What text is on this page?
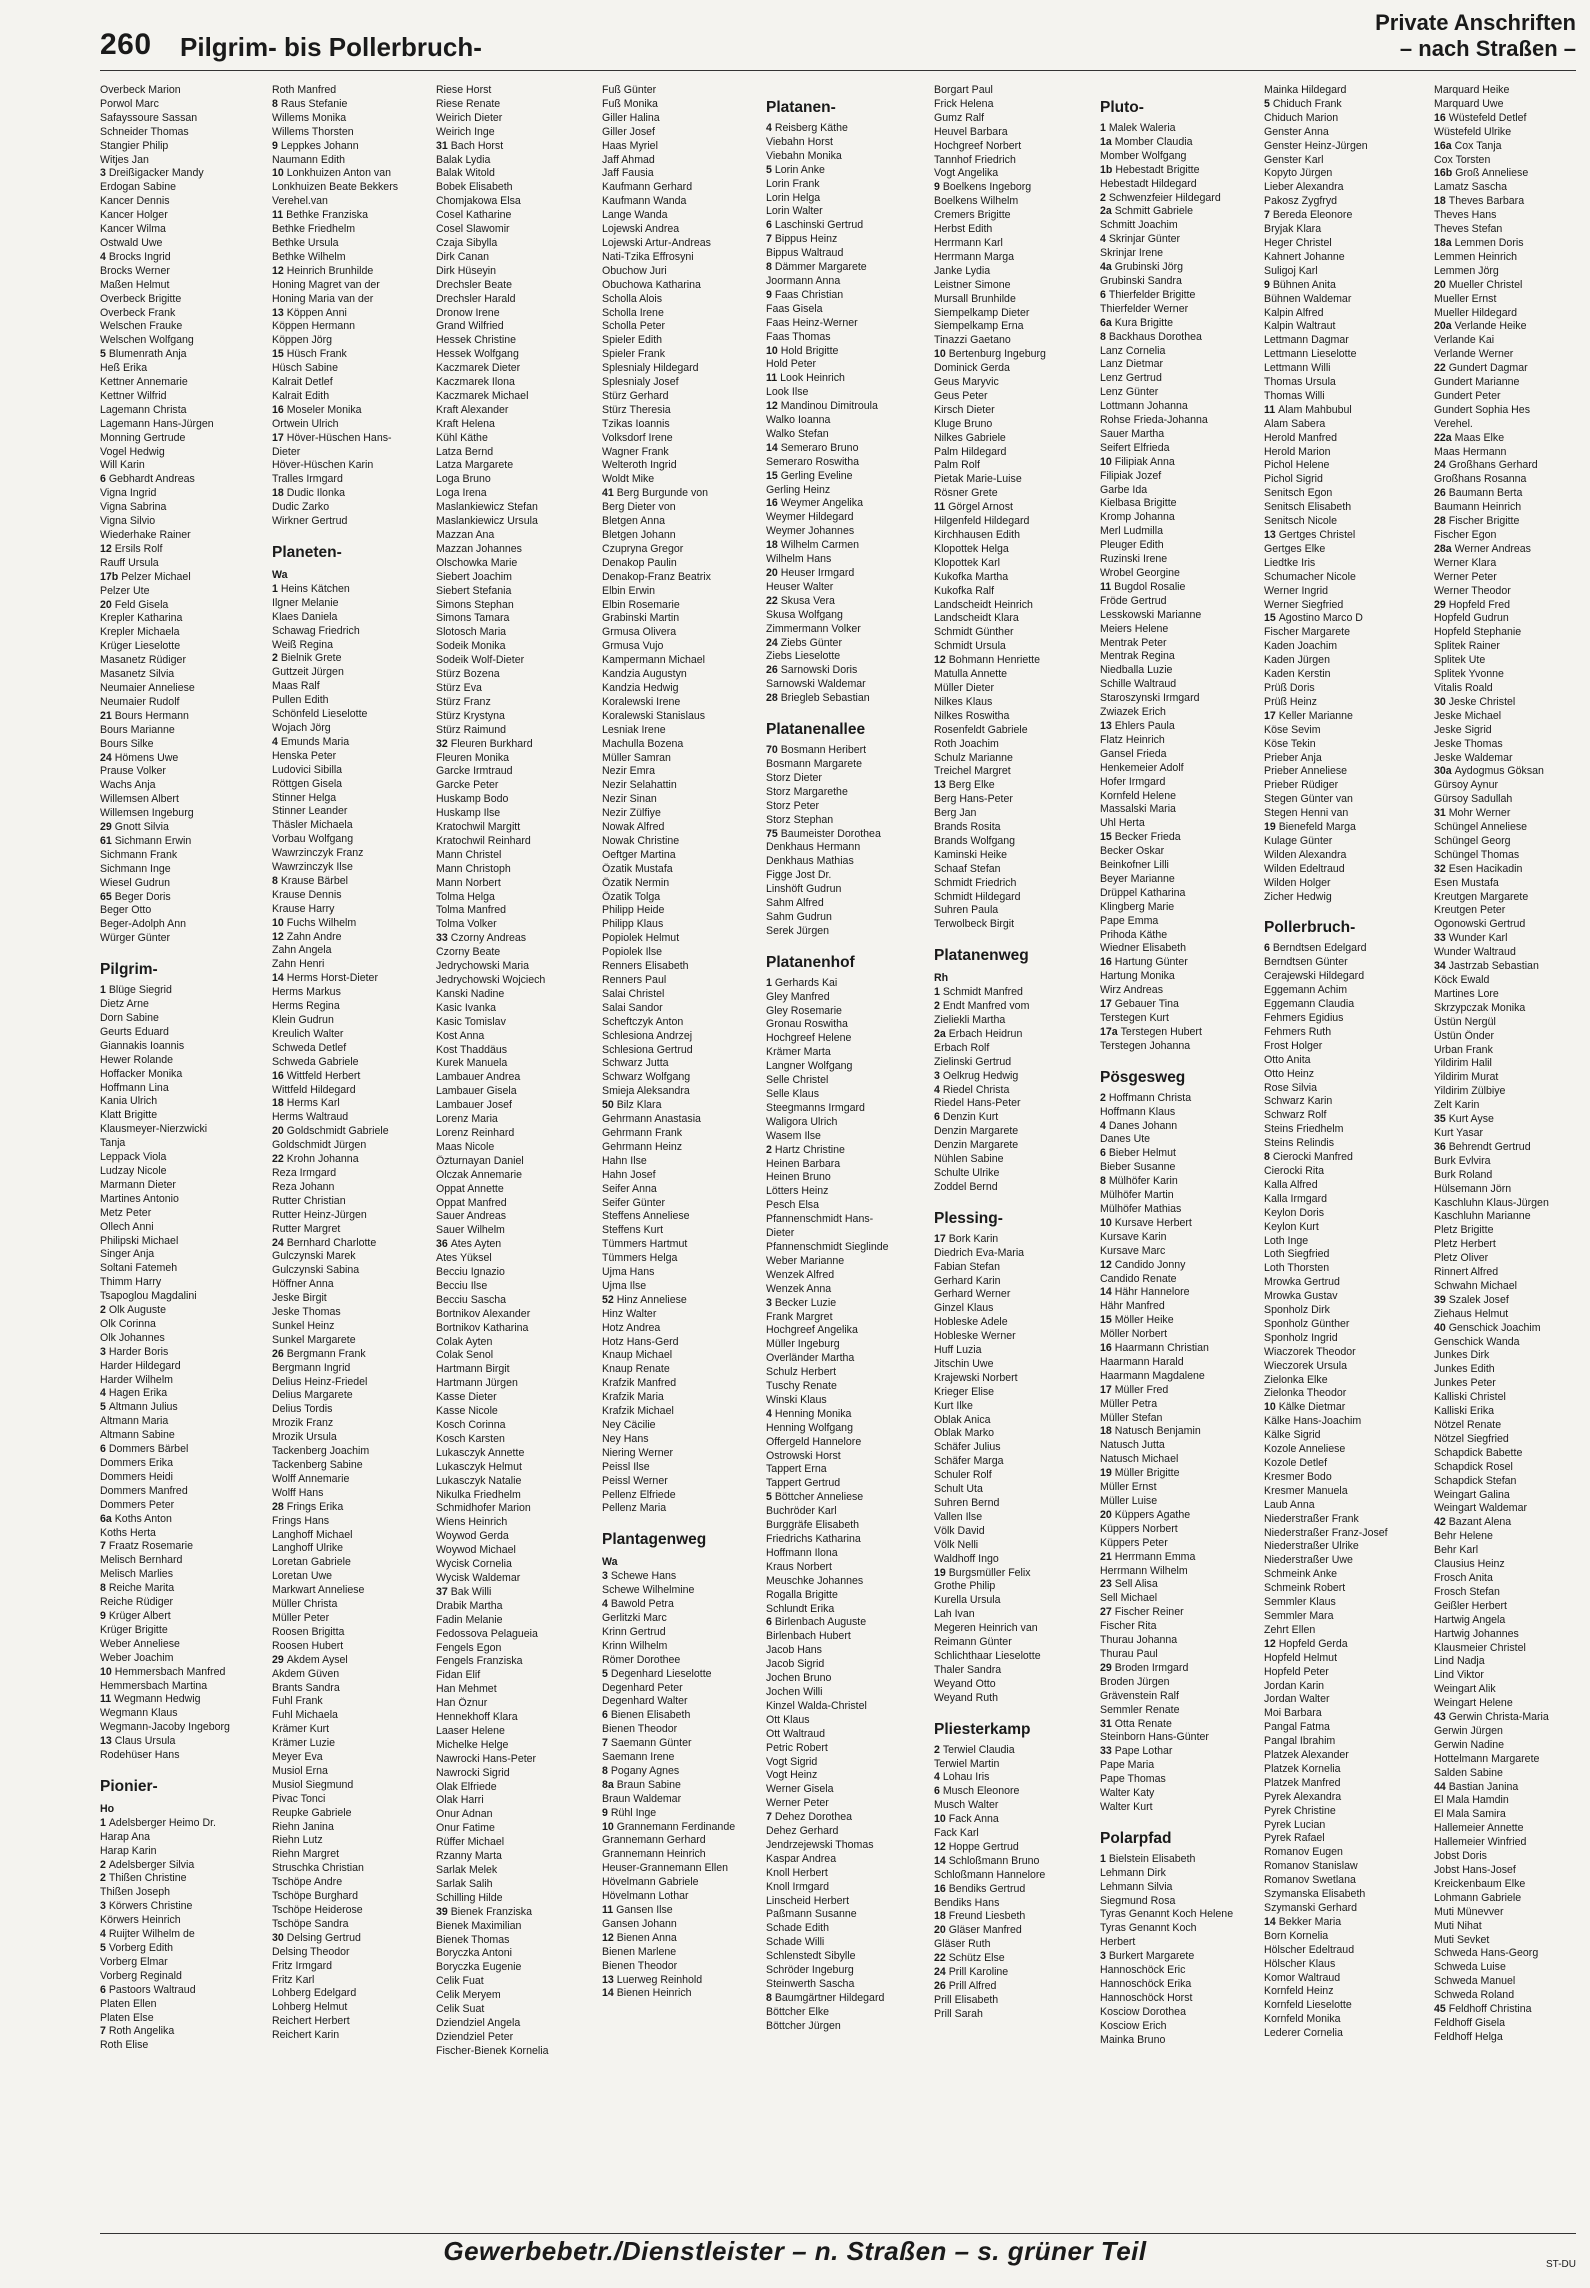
260 Pilgrim- bis Pollerbruch-
Private Anschriften
– nach Straßen –
Overbeck Marion
Porwol Marc
Safayssoure Sassan
Schneider Thomas
Stangier Philip
Witjes Jan
3 Dreißigacker Mandy
Erdogan Sabine
Kancer Dennis
Kancer Holger
Kancer Wilma
Ostwald Uwe
4 Brocks Ingrid
Brocks Werner
Maßen Helmut
Overbeck Brigitte
Overbeck Frank
Welschen Frauke
Welschen Wolfgang
5 Blumenrath Anja
Heß Erika
Kettner Annemarie
Kettner Wilfrid
Lagemann Christa
Lagemann Hans-Jürgen
Monning Gertrude
Vogel Hedwig
Will Karin
6 Gebhardt Andreas
Vigna Ingrid
Vigna Sabrina
Vigna Silvio
Wiederhake Rainer
12 Ersils Rolf
Rauff Ursula
17b Pelzer Michael
Pelzer Ute
20 Feld Gisela
Krepler Katharina
Krepler Michaela
Krüger Lieselotte
Masanetz Rüdiger
Masanetz Silvia
Neumaier Anneliese
Neumaier Rudolf
21 Bours Hermann
Bours Marianne
Bours Silke
24 Hömens Uwe
Prause Volker
Wachs Anja
Willemsen Albert
Willemsen Ingeburg
29 Gnott Silvia
61 Sichmann Erwin
Sichmann Frank
Sichmann Inge
Wiesel Gudrun
65 Beger Doris
Beger Otto
Beger-Adolph Ann
Würger Günter
Pilgrim-
1 Blüge Siegrid
Dietz Arne
Dorn Sabine
Geurts Eduard
Giannakis Ioannis
Hewer Rolande
Hoffacker Monika
Hoffmann Lina
Kania Ulrich
Klatt Brigitte
Klausmeyer-Nierzwicki
Tanja
Leppack Viola
Ludzay Nicole
Marmann Dieter
Martines Antonio
Metz Peter
Ollech Anni
Philipski Michael
Singer Anja
Soltani Fatemeh
Thimm Harry
Tsapoglou Magdalini
2 Olk Auguste
Olk Corinna
Olk Johannes
3 Harder Boris
Harder Hildegard
Harder Wilhelm
4 Hagen Erika
5 Altmann Julius
Altmann Maria
Altmann Sabine
6 Dommers Bärbel
Dommers Erika
Dommers Heidi
Dommers Manfred
Dommers Peter
6a Koths Anton
Koths Herta
7 Fraatz Rosemarie
Melisch Bernhard
Melisch Marlies
8 Reiche Marita
Reiche Rüdiger
9 Krüger Albert
Krüger Brigitte
Weber Anneliese
Weber Joachim
10 Hemmersbach Manfred
Hemmersbach Martina
11 Wegmann Hedwig
Wegmann Klaus
Wegmann-Jacoby Ingeborg
13 Claus Ursula
Rodehüser Hans
Pionier-
Ho
1 Adelsberger Heimo Dr.
Harap Ana
Harap Karin
2 Adelsberger Silvia
2 Thißen Christine
Thißen Joseph
3 Körwers Christine
Körwers Heinrich
4 Ruijter Wilhelm de
5 Vorberg Edith
Vorberg Elmar
Vorberg Reginald
6 Pastoors Waltraud
Platen Ellen
Platen Else
7 Roth Angelika
Roth Elise
Roth Manfred
8 Raus Stefanie
Willems Monika
Willems Thorsten
9 Leppkes Johann
Naumann Edith
10 Lonkhuizen Anton van
Lonkhuizen Beate Bekkers
Verehel.van
11 Bethke Franziska
Bethke Friedhelm
Bethke Ursula
Bethke Wilhelm
12 Heinrich Brunhilde
Honing Magret van der
Honing Maria van der
13 Köppen Anni
Köppen Hermann
Köppen Jörg
15 Hüsch Frank
Hüsch Sabine
Kalrait Detlef
Kalrait Edith
16 Moseler Monika
Ortwein Ulrich
17 Höver-Hüschen Hans-
Dieter
Höver-Hüschen Karin
Tralles Irmgard
18 Dudic Ilonka
Dudic Zarko
Wirkner Gertrud
Planeten-
Wa
1 Heins Kätchen
Ilgner Melanie
Klaes Daniela
Schawag Friedrich
Weiß Regina
2 Bielnik Grete
Guttzeit Jürgen
Maas Ralf
Pullen Edith
Schönfeld Lieselotte
Wojach Jörg
4 Emunds Maria
Henska Peter
Ludovici Sibilla
Röttgen Gisela
Stinner Helga
Stinner Leander
Thäsler Michaela
Vorbau Wolfgang
Wawrzinczyk Franz
Wawrzinczyk Ilse
8 Krause Bärbel
Krause Dennis
Krause Harry
10 Fuchs Wilhelm
12 Zahn Andre
Zahn Angela
Zahn Henri
14 Herms Horst-Dieter
Herms Markus
Herms Regina
Klein Gudrun
Kreulich Walter
Schweda Detlef
Schweda Gabriele
16 Wittfeld Herbert
Wittfeld Hildegard
18 Herms Karl
Herms Waltraud
20 Goldschmidt Gabriele
Goldschmidt Jürgen
22 Krohn Johanna
Reza Irmgard
Reza Johann
Rutter Christian
Rutter Heinz-Jürgen
Rutter Margret
24 Bernhard Charlotte
Gulczynski Marek
Gulczynski Sabina
Höffner Anna
Jeske Birgit
Jeske Thomas
Sunkel Heinz
Sunkel Margarete
26 Bergmann Frank
Bergmann Ingrid
Delius Heinz-Friedel
Delius Margarete
Delius Tordis
Mrozik Franz
Mrozik Ursula
Tackenberg Joachim
Tackenberg Sabine
Wolff Annemarie
Wolff Hans
28 Frings Erika
Frings Hans
Langhoff Michael
Langhoff Ulrike
Loretan Gabriele
Loretan Uwe
Markwart Anneliese
Müller Christa
Müller Peter
Roosen Brigitta
Roosen Hubert
29 Akdem Aysel
Akdem Güven
Brants Sandra
Fuhl Frank
Fuhl Michaela
Krämer Kurt
Krämer Luzie
Meyer Eva
Musiol Erna
Musiol Siegmund
Pivac Tonci
Reupke Gabriele
Riehn Janina
Riehn Lutz
Riehn Margret
Struschka Christian
Tschöpe Andre
Tschöpe Burghard
Tschöpe Heiderose
Tschöpe Sandra
30 Delsing Gertrud
Delsing Theodor
Fritz Irmgard
Fritz Karl
Lohberg Edelgard
Lohberg Helmut
Reichert Herbert
Reichert Karin
Riese Horst
Riese Renate
Weirich Dieter
Weirich Inge
31 Bach Horst
Balak Lydia
Balak Witold
Bobek Elisabeth
Chomjakowa Elsa
Cosel Katharine
Cosel Slawomir
Czaja Sibylla
Dirk Canan
Dirk Hüseyin
Drechsler Beate
Drechsler Harald
Dronow Irene
Grand Wilfried
Hessek Christine
Hessek Wolfgang
Kaczmarek Dieter
Kaczmarek Ilona
Kaczmarek Michael
Kraft Alexander
Kraft Helena
Kühl Käthe
Latza Bernd
Latza Margarete
Loga Bruno
Loga Irena
Maslankiewicz Stefan
Maslankiewicz Ursula
Mazzan Ana
Mazzan Johannes
Olschowka Marie
Siebert Joachim
Siebert Stefania
Simons Stephan
Simons Tamara
Slotosch Maria
Sodeik Monika
Sodeik Wolf-Dieter
Stürz Bozena
Stürz Eva
Stürz Franz
Stürz Krystyna
Stürz Raimund
32 Fleuren Burkhard
Fleuren Monika
Garcke Irmtraud
Garcke Peter
Huskamp Bodo
Huskamp Ilse
Kratochwil Margitt
Kratochwil Reinhard
Mann Christel
Mann Christoph
Mann Norbert
Tolma Helga
Tolma Manfred
Tolma Volker
33 Czorny Andreas
Czorny Beate
Jedrychowski Maria
Jedrychowski Wojciech
Kanski Nadine
Kasic Ivanka
Kasic Tomislav
Kost Anna
Kost Thaddäus
Kurek Manuela
Lambauer Andrea
Lambauer Gisela
Lambauer Josef
Lorenz Maria
Lorenz Reinhard
Maas Nicole
Özturnayan Daniel
Olczak Annemarie
Oppat Annette
Oppat Manfred
Sauer Andreas
Sauer Wilhelm
36 Ates Ayten
Ates Yüksel
Becciu Ignazio
Becciu Ilse
Becciu Sascha
Bortnikov Alexander
Bortnikov Katharina
Colak Ayten
Colak Senol
Hartmann Birgit
Hartmann Jürgen
Kasse Dieter
Kasse Nicole
Kosch Corinna
Kosch Karsten
Lukasczyk Annette
Lukasczyk Helmut
Lukasczyk Natalie
Nikulka Friedhelm
Schmidhofer Marion
Wiens Heinrich
Woywod Gerda
Woywod Michael
Wycisk Cornelia
Wycisk Waldemar
37 Bak Willi
Drabik Martha
Fadin Melanie
Fedossova Pelagueia
Fengels Egon
Fengels Franziska
Fidan Elif
Han Mehmet
Han Öznur
Hennekhoff Klara
Laaser Helene
Michelke Helge
Nawrocki Hans-Peter
Nawrocki Sigrid
Olak Elfriede
Olak Harri
Onur Adnan
Onur Fatime
Rüffer Michael
Rzanny Marta
Sarlak Melek
Sarlak Salih
Schilling Hilde
39 Bienek Franziska
Bienek Maximilian
Bienek Thomas
Boryczka Antoni
Boryczka Eugenie
Celik Fuat
Celik Meryem
Celik Suat
Dziendziel Angela
Dziendziel Peter
Fischer-Bienek Kornelia
Fuß Günter
Fuß Monika
Giller Halina
Giller Josef
Haas Myriel
Jaff Ahmad
Jaff Fausia
Kaufmann Gerhard
Kaufmann Wanda
Lange Wanda
Lojewski Andrea
Lojewski Artur-Andreas
Nati-Tzika Effrosyni
Obuchow Juri
Obuchowa Katharina
Scholla Alois
Scholla Irene
Scholla Peter
Spieler Edith
Spieler Frank
Splesnialy Hildegard
Splesnialy Josef
Stürz Gerhard
Stürz Theresia
Tzikas Ioannis
Volksdorf Irene
Wagner Frank
Welteroth Ingrid
Woldt Mike
41 Berg Burgunde von
Berg Dieter von
Bletgen Anna
Bletgen Johann
Czupryna Gregor
Denakop Paulin
Denakop-Franz Beatrix
Elbin Erwin
Elbin Rosemarie
Grabinski Martin
Grmusa Olivera
Grmusa Vujo
Kampermann Michael
Kandzia Augustyn
Kandzia Hedwig
Koralewski Irene
Koralewski Stanislaus
Lesniak Irene
Machulla Bozena
Müller Samran
Nezir Emra
Nezir Selahattin
Nezir Sinan
Nezir Zülfiye
Nowak Alfred
Nowak Christine
Oeftger Martina
Özatik Mustafa
Özatik Nermin
Özatik Tolga
Philipp Heide
Philipp Klaus
Popiolek Helmut
Popiolek Ilse
Renners Elisabeth
Renners Paul
Salai Christel
Salai Sandor
Scheftczyk Anton
Schlesiona Andrzej
Schlesiona Gertrud
Schwarz Jutta
Schwarz Wolfgang
Smieja Aleksandra
50 Bilz Klara
Gehrmann Anastasia
Gehrmann Frank
Gehrmann Heinz
Hahn Ilse
Hahn Josef
Seifer Anna
Seifer Günter
Steffens Anneliese
Steffens Kurt
Tümmers Hartmut
Tümmers Helga
Ujma Hans
Ujma Ilse
52 Hinz Anneliese
Hinz Walter
Hotz Andrea
Hotz Hans-Gerd
Knaup Michael
Knaup Renate
Krafzik Manfred
Krafzik Maria
Krafzik Michael
Ney Cäcilie
Ney Hans
Niering Werner
Peissl Ilse
Peissl Werner
Pellenz Elfriede
Pellenz Maria
Plantagenweg
Wa
3 Schewe Hans
Schewe Wilhelmine
4 Bawold Petra
Gerlitzki Marc
Krinn Gertrud
Krinn Wilhelm
Römer Dorothee
5 Degenhard Lieselotte
Degenhard Peter
Degenhard Walter
6 Bienen Elisabeth
Bienen Theodor
7 Saemann Günter
Saemann Irene
8 Pogany Agnes
8a Braun Sabine
Braun Waldemar
9 Rühl Inge
10 Grannemann Ferdinande
Grannemann Gerhard
Grannemann Heinrich
Heuser-Grannemann Ellen
Hövelmann Gabriele
Hövelmann Lothar
11 Gansen Ilse
Gansen Johann
12 Bienen Anna
Bienen Marlene
Bienen Theodor
13 Luerweg Reinhold
14 Bienen Heinrich
Platanen-
4 Reisberg Käthe
Viebahn Horst
Viebahn Monika
5 Lorin Anke
Lorin Frank
Lorin Helga
Lorin Walter
6 Laschinski Gertrud
7 Bippus Heinz
Bippus Waltraud
8 Dämmer Margarete
Joormann Anna
9 Faas Christian
Faas Gisela
Faas Heinz-Werner
Faas Thomas
10 Hold Brigitte
Hold Peter
11 Look Heinrich
Look Ilse
12 Mandinou Dimitroula
Walko Ioanna
Walko Stefan
14 Semeraro Bruno
Semeraro Roswitha
15 Gerling Eveline
Gerling Heinz
16 Weymer Angelika
Weymer Hildegard
Weymer Johannes
18 Wilhelm Carmen
Wilhelm Hans
20 Heuser Irmgard
Heuser Walter
22 Skusa Vera
Skusa Wolfgang
Zimmermann Volker
24 Ziebs Günter
Ziebs Lieselotte
26 Sarnowski Doris
Sarnowski Waldemar
28 Briegleb Sebastian
Platanenallee
70 Bosmann Heribert
Bosmann Margarete
Storz Dieter
Storz Margarethe
Storz Peter
Storz Stephan
75 Baumeister Dorothea
Denkhaus Hermann
Denkhaus Mathias
Figge Jost Dr.
Linshöft Gudrun
Sahm Alfred
Sahm Gudrun
Serek Jürgen
Platanenhof
1 Gerhards Kai
Gley Manfred
Gley Rosemarie
Gronau Roswitha
Hochgreef Helene
Krämer Marta
Langner Wolfgang
Selle Christel
Selle Klaus
Steegmanns Irmgard
Waligora Ulrich
Wasem Ilse
2 Hartz Christine
Heinen Barbara
Heinen Bruno
Lötters Heinz
Pesch Elsa
Pfannenschmidt Hans-
Dieter
Pfannenschmidt Sieglinde
Weber Marianne
Wenzek Alfred
Wenzek Anna
3 Becker Luzie
Frank Margret
Hochgreef Angelika
Müller Ingeburg
Overländer Martha
Schulz Herbert
Tuschy Renate
Winski Klaus
4 Henning Monika
Henning Wolfgang
Offergeld Hannelore
Ostrowski Horst
Tappert Erna
Tappert Gertrud
5 Böttcher Anneliese
Buchröder Karl
Burggräfe Elisabeth
Friedrichs Katharina
Hoffmann Ilona
Kraus Norbert
Meuschke Johannes
Rogalla Brigitte
Schlundt Erika
6 Birlenbach Auguste
Birlenbach Hubert
Jacob Hans
Jacob Sigrid
Jochen Bruno
Jochen Willi
Kinzel Walda-Christel
Ott Klaus
Ott Waltraud
Petric Robert
Vogt Sigrid
Vogt Heinz
Werner Gisela
Werner Peter
7 Dehez Dorothea
Dehez Gerhard
Jendrzejewski Thomas
Kaspar Andrea
Knoll Herbert
Knoll Irmgard
Linscheid Herbert
Paßmann Susanne
Schade Edith
Schade Willi
Schlenstedt Sibylle
Schröder Ingeburg
Steinwerth Sascha
8 Baumgärtner Hildegard
Böttcher Elke
Böttcher Jürgen
Borgart Paul
Frick Helena
Gumz Ralf
Heuvel Barbara
Hochgreef Norbert
Tannhof Friedrich
Vogt Angelika
9 Boelkens Ingeborg
Boelkens Wilhelm
Cremers Brigitte
Herbst Edith
Herrmann Karl
Herrmann Marga
Janke Lydia
Leistner Simone
Mursall Brunhilde
Siempelkamp Dieter
Siempelkamp Erna
Tinazzi Gaetano
10 Bertenburg Ingeburg
Dominick Gerda
Geus Maryvic
Geus Peter
Kirsch Dieter
Kluge Bruno
Nilkes Gabriele
Palm Hildegard
Palm Rolf
Pietak Marie-Luise
Rösner Grete
11 Görgel Arnost
Hilgenfeld Hildegard
Kirchhausen Edith
Klopottek Helga
Klopottek Karl
Kukofka Martha
Kukofka Ralf
Landscheidt Heinrich
Landscheidt Klara
Schmidt Günther
Schmidt Ursula
12 Bohmann Henriette
Matulla Annette
Müller Dieter
Nilkes Klaus
Nilkes Roswitha
Rosenfeldt Gabriele
Roth Joachim
Schulz Marianne
Treichel Margret
13 Berg Elke
Berg Hans-Peter
Berg Jan
Brands Rosita
Brands Wolfgang
Kaminski Heike
Schaaf Stefan
Schmidt Friedrich
Schmidt Hildegard
Suhren Paula
Terwolbeck Birgit
Platanenweg
Rh
1 Schmidt Manfred
2 Endt Manfred vom
Zieliekli Martha
2a Erbach Heidrun
Erbach Rolf
Zielinski Gertrud
3 Oelkrug Hedwig
4 Riedel Christa
Riedel Hans-Peter
6 Denzin Kurt
Denzin Margarete
Denzin Margarete
Nühlen Sabine
Schulte Ulrike
Zoddel Bernd
Plessing-
17 Bork Karin
Diedrich Eva-Maria
Fabian Stefan
Gerhard Karin
Gerhard Werner
Ginzel Klaus
Hobleske Adele
Hobleske Werner
Huff Luzia
Jitschin Uwe
Krajewski Norbert
Krieger Elise
Kurt Ilke
Oblak Anica
Oblak Marko
Schäfer Julius
Schäfer Marga
Schuler Rolf
Schult Uta
Suhren Bernd
Vallen Ilse
Völk David
Völk Nelli
Waldhoff Ingo
19 Burgsmüller Felix
Grothe Philip
Kurella Ursula
Lah Ivan
Megeren Heinrich van
Reimann Günter
Schlichthaar Lieselotte
Thaler Sandra
Weyand Otto
Weyand Ruth
Pliesterkamp
2 Terwiel Claudia
Terwiel Martin
4 Lohau Iris
6 Musch Eleonore
Musch Walter
10 Fack Anna
Fack Karl
12 Hoppe Gertrud
14 Schloßmann Bruno
Schloßmann Hannelore
16 Bendiks Gertrud
Bendiks Hans
18 Freund Liesbeth
20 Gläser Manfred
Gläser Ruth
22 Schütz Else
24 Prill Karoline
26 Prill Alfred
Prill Elisabeth
Prill Sarah
Pluto-
1 Malek Waleria
1a Momber Claudia
Momber Wolfgang
1b Hebestadt Brigitte
Hebestadt Hildegard
2 Schwenzfeier Hildegard
2a Schmitt Gabriele
Schmitt Joachim
4 Skrinjar Günter
Skrinjar Irene
4a Grubinski Jörg
Grubinski Sandra
6 Thierfelder Brigitte
Thierfelder Werner
6a Kura Brigitte
8 Backhaus Dorothea
Lanz Cornelia
Lanz Dietmar
Lenz Gertrud
Lenz Günter
Lottmann Johanna
Rohse Frieda-Johanna
Sauer Martha
Seifert Elfrieda
10 Filipiak Anna
Filipiak Jozef
Garbe Ida
Kielbasa Brigitte
Kromp Johanna
Merl Ludmilla
Pleuger Edith
Ruzinski Irene
Wrobel Georgine
11 Bugdol Rosalie
Fröde Gertrud
Lesskowski Marianne
Meiers Helene
Mentrak Peter
Mentrak Regina
Niedballa Luzie
Schille Waltraud
Staroszynski Irmgard
Zwiazek Erich
13 Ehlers Paula
Flatz Heinrich
Gansel Frieda
Henkemeier Adolf
Hofer Irmgard
Kornfeld Helene
Massalski Maria
Uhl Herta
15 Becker Frieda
Becker Oskar
Beinkofner Lilli
Beyer Marianne
Drüppel Katharina
Klingberg Marie
Pape Emma
Prihoda Käthe
Wiedner Elisabeth
16 Hartung Günter
Hartung Monika
Wirz Andreas
17 Gebauer Tina
Terstegen Kurt
17a Terstegen Hubert
Terstegen Johanna
Pösgesweg
2 Hoffmann Christa
Hoffmann Klaus
4 Danes Johann
Danes Ute
6 Bieber Helmut
Bieber Susanne
8 Mülhöfer Karin
Mülhöfer Martin
Mülhöfer Mathias
10 Kursave Herbert
Kursave Karin
Kursave Marc
12 Candido Jonny
Candido Renate
14 Hähr Hannelore
Hähr Manfred
15 Möller Heike
Möller Norbert
16 Haarmann Christian
Haarmann Harald
Haarmann Magdalene
17 Müller Fred
Müller Petra
Müller Stefan
18 Natusch Benjamin
Natusch Jutta
Natusch Michael
19 Müller Brigitte
Müller Ernst
Müller Luise
20 Küppers Agathe
Küppers Norbert
Küppers Peter
21 Herrmann Emma
Herrmann Wilhelm
23 Sell Alisa
Sell Michael
27 Fischer Reiner
Fischer Rita
Thurau Johanna
Thurau Paul
29 Broden Irmgard
Broden Jürgen
Grävenstein Ralf
Semmler Renate
31 Otta Renate
Steinborn Hans-Günter
33 Pape Lothar
Pape Maria
Pape Thomas
Walter Katy
Walter Kurt
Polarpfad
1 Bielstein Elisabeth
Lehmann Dirk
Lehmann Silvia
Siegmund Rosa
Tyras Genannt Koch Helene
Tyras Genannt Koch
Herbert
3 Burkert Margarete
Hannoschöck Eric
Hannoschöck Erika
Hannoschöck Horst
Kosciow Dorothea
Kosciow Erich
Mainka Bruno
Mainka Hildegard
5 Chiduch Frank
Chiduch Marion
Genster Anna
Genster Heinz-Jürgen
Genster Karl
Kopyto Jürgen
Lieber Alexandra
Pakosz Zygfryd
7 Bereda Eleonore
Bryjak Klara
Heger Christel
Kahnert Johanne
Suligoj Karl
9 Bühnen Anita
Bühnen Waldemar
Kalpin Alfred
Kalpin Waltraut
Lettmann Dagmar
Lettmann Lieselotte
Lettmann Willi
Thomas Ursula
Thomas Willi
11 Alam Mahbubul
Alam Sabera
Herold Manfred
Herold Marion
Pichol Helene
Pichol Sigrid
Senitsch Egon
Senitsch Elisabeth
Senitsch Nicole
13 Gertges Christel
Gertges Elke
Liedtke Iris
Schumacher Nicole
Werner Ingrid
Werner Siegfried
15 Agostino Marco D
Fischer Margarete
Kaden Joachim
Kaden Jürgen
Kaden Kerstin
Prüß Doris
Prüß Heinz
17 Keller Marianne
Köse Sevim
Köse Tekin
Prieber Anja
Prieber Anneliese
Prieber Rüdiger
Stegen Günter van
Stegen Henni van
19 Bienefeld Marga
Kulage Günter
Wilden Alexandra
Wilden Edeltraud
Wilden Holger
Zicher Hedwig
Pollerbruch-
6 Berndtsen Edelgard
Berndtsen Günter
Cerajewski Hildegard
Eggemann Achim
Eggemann Claudia
Fehmers Egidius
Fehmers Ruth
Frost Holger
Otto Anita
Otto Heinz
Rose Silvia
Schwarz Karin
Schwarz Rolf
Steins Friedhelm
Steins Relindis
8 Cierocki Manfred
Cierocki Rita
Kalla Alfred
Kalla Irmgard
Keylon Doris
Keylon Kurt
Loth Inge
Loth Siegfried
Loth Thorsten
Mrowka Gertrud
Mrowka Gustav
Sponholz Dirk
Sponholz Günther
Sponholz Ingrid
Wiaczorek Theodor
Wieczorek Ursula
Zielonka Elke
Zielonka Theodor
10 Kälke Dietmar
Kälke Hans-Joachim
Kälke Sigrid
Kozole Anneliese
Kozole Detlef
Kresmer Bodo
Kresmer Manuela
Laub Anna
Niederstraßer Frank
Niederstraßer Franz-Josef
Niederstraßer Ulrike
Niederstraßer Uwe
Schmeink Anke
Schmeink Robert
Semmler Klaus
Semmler Mara
Zehrt Ellen
12 Hopfeld Gerda
Hopfeld Helmut
Hopfeld Peter
Jordan Karin
Jordan Walter
Moi Barbara
Pangal Fatma
Pangal Ibrahim
Platzek Alexander
Platzek Kornelia
Platzek Manfred
Pyrek Alexandra
Pyrek Christine
Pyrek Lucian
Pyrek Rafael
Romanov Eugen
Romanov Stanislaw
Romanov Swetlana
Szymanska Elisabeth
Szymanski Gerhard
14 Bekker Maria
Born Kornelia
Hölscher Edeltraud
Hölscher Klaus
Komor Waltraud
Kornfeld Heinz
Kornfeld Lieselotte
Kornfeld Monika
Lederer Cornelia
Marquard Heike
Marquard Uwe
16 Wüstefeld Detlef
Wüstefeld Ulrike
16a Cox Tanja
Cox Torsten
16b Groß Anneliese
Lamatz Sascha
18 Theves Barbara
Theves Hans
Theves Stefan
18a Lemmen Doris
Lemmen Heinrich
Lemmen Jörg
20 Mueller Christel
Mueller Ernst
Mueller Hildegard
20a Verlande Heike
Verlande Kai
Verlande Werner
22 Gundert Dagmar
Gundert Marianne
Gundert Peter
Gundert Sophia Hes
Verehel.
22a Maas Elke
Maas Hermann
24 Großhans Gerhard
Großhans Rosanna
26 Baumann Berta
Baumann Heinrich
28 Fischer Brigitte
Fischer Egon
28a Werner Andreas
Werner Klara
Werner Peter
Werner Theodor
29 Hopfeld Fred
Hopfeld Gudrun
Hopfeld Stephanie
Splitek Rainer
Splitek Ute
Splitek Yvonne
Vitalis Roald
30 Jeske Christel
Jeske Michael
Jeske Sigrid
Jeske Thomas
Jeske Waldemar
30a Aydogmus Göksan
Gürsoy Aynur
Gürsoy Sadullah
31 Mohr Werner
Schüngel Anneliese
Schüngel Georg
Schüngel Thomas
32 Esen Hacikadin
Esen Mustafa
Kreutgen Margarete
Kreutgen Peter
Ogonowski Gertrud
33 Wunder Karl
Wunder Waltraud
34 Jastrzab Sebastian
Köck Ewald
Martines Lore
Skrzypczak Monika
Üstün Nergül
Üstün Önder
Urban Frank
Yildirim Halil
Yildirim Murat
Yildirim Zülbiye
Zelt Karin
35 Kurt Ayse
Kurt Yasar
36 Behrendt Gertrud
Burk Evlvira
Burk Roland
Hülsemann Jörn
Kaschluhn Klaus-Jürgen
Kaschluhn Marianne
Pletz Brigitte
Pletz Herbert
Pletz Oliver
Rinnert Alfred
Schwahn Michael
39 Szalek Josef
Ziehaus Helmut
40 Genschick Joachim
Genschick Wanda
Junkes Dirk
Junkes Edith
Junkes Peter
Kalliski Christel
Kalliski Erika
Nötzel Renate
Nötzel Siegfried
Schapdick Babette
Schapdick Rosel
Schapdick Stefan
Weingart Galina
Weingart Waldemar
42 Bazant Alena
Behr Helene
Behr Karl
Clausius Heinz
Frosch Anita
Frosch Stefan
Geißler Herbert
Hartwig Angela
Hartwig Johannes
Klausmeier Christel
Lind Nadja
Lind Viktor
Weingart Alik
Weingart Helene
43 Gerwin Christa-Maria
Gerwin Jürgen
Gerwin Nadine
Hottelmann Margarete
Salden Sabine
44 Bastian Janina
El Mala Hamdin
El Mala Samira
Hallemeier Annette
Hallemeier Winfried
Jobst Doris
Jobst Hans-Josef
Kreickenbaum Elke
Lohmann Gabriele
Muti Münevver
Muti Nihat
Muti Sevket
Schweda Hans-Georg
Schweda Luise
Schweda Manuel
Schweda Roland
45 Feldhoff Christina
Feldhoff Gisela
Feldhoff Helga
Gewerbebetr./Dienstleister – n. Straßen – s. grüner Teil	ST-DU
